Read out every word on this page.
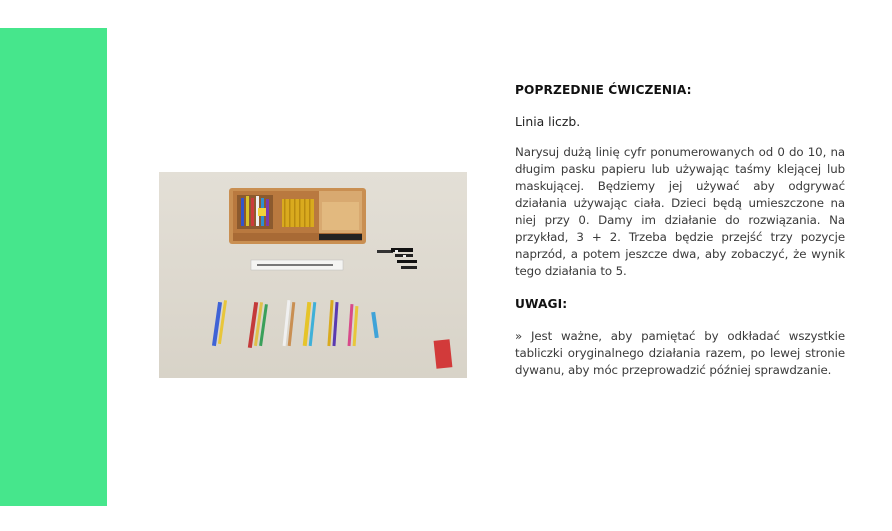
POPRZEDNIE ĆWICZENIA:
Linia liczb.
Narysuj dużą linię cyfr ponumerowanych od 0 do 10, na długim pasku papieru lub używając taśmy klejącej lub maskującej. Będziemy jej używać aby odgrywać działania używając ciała. Dzieci będą umieszczone na niej przy 0. Damy im działanie do rozwiązania. Na przykład, 3 + 2. Trzeba będzie przejść trzy pozycje naprzód, a potem jeszcze dwa, aby zobaczyć, że wynik tego działania to 5.
UWAGI:
» Jest ważne, aby pamiętać by odkładać wszystkie tabliczki oryginalnego działania razem, po lewej stronie dywanu, aby móc przeprowadzić później sprawdzanie.
